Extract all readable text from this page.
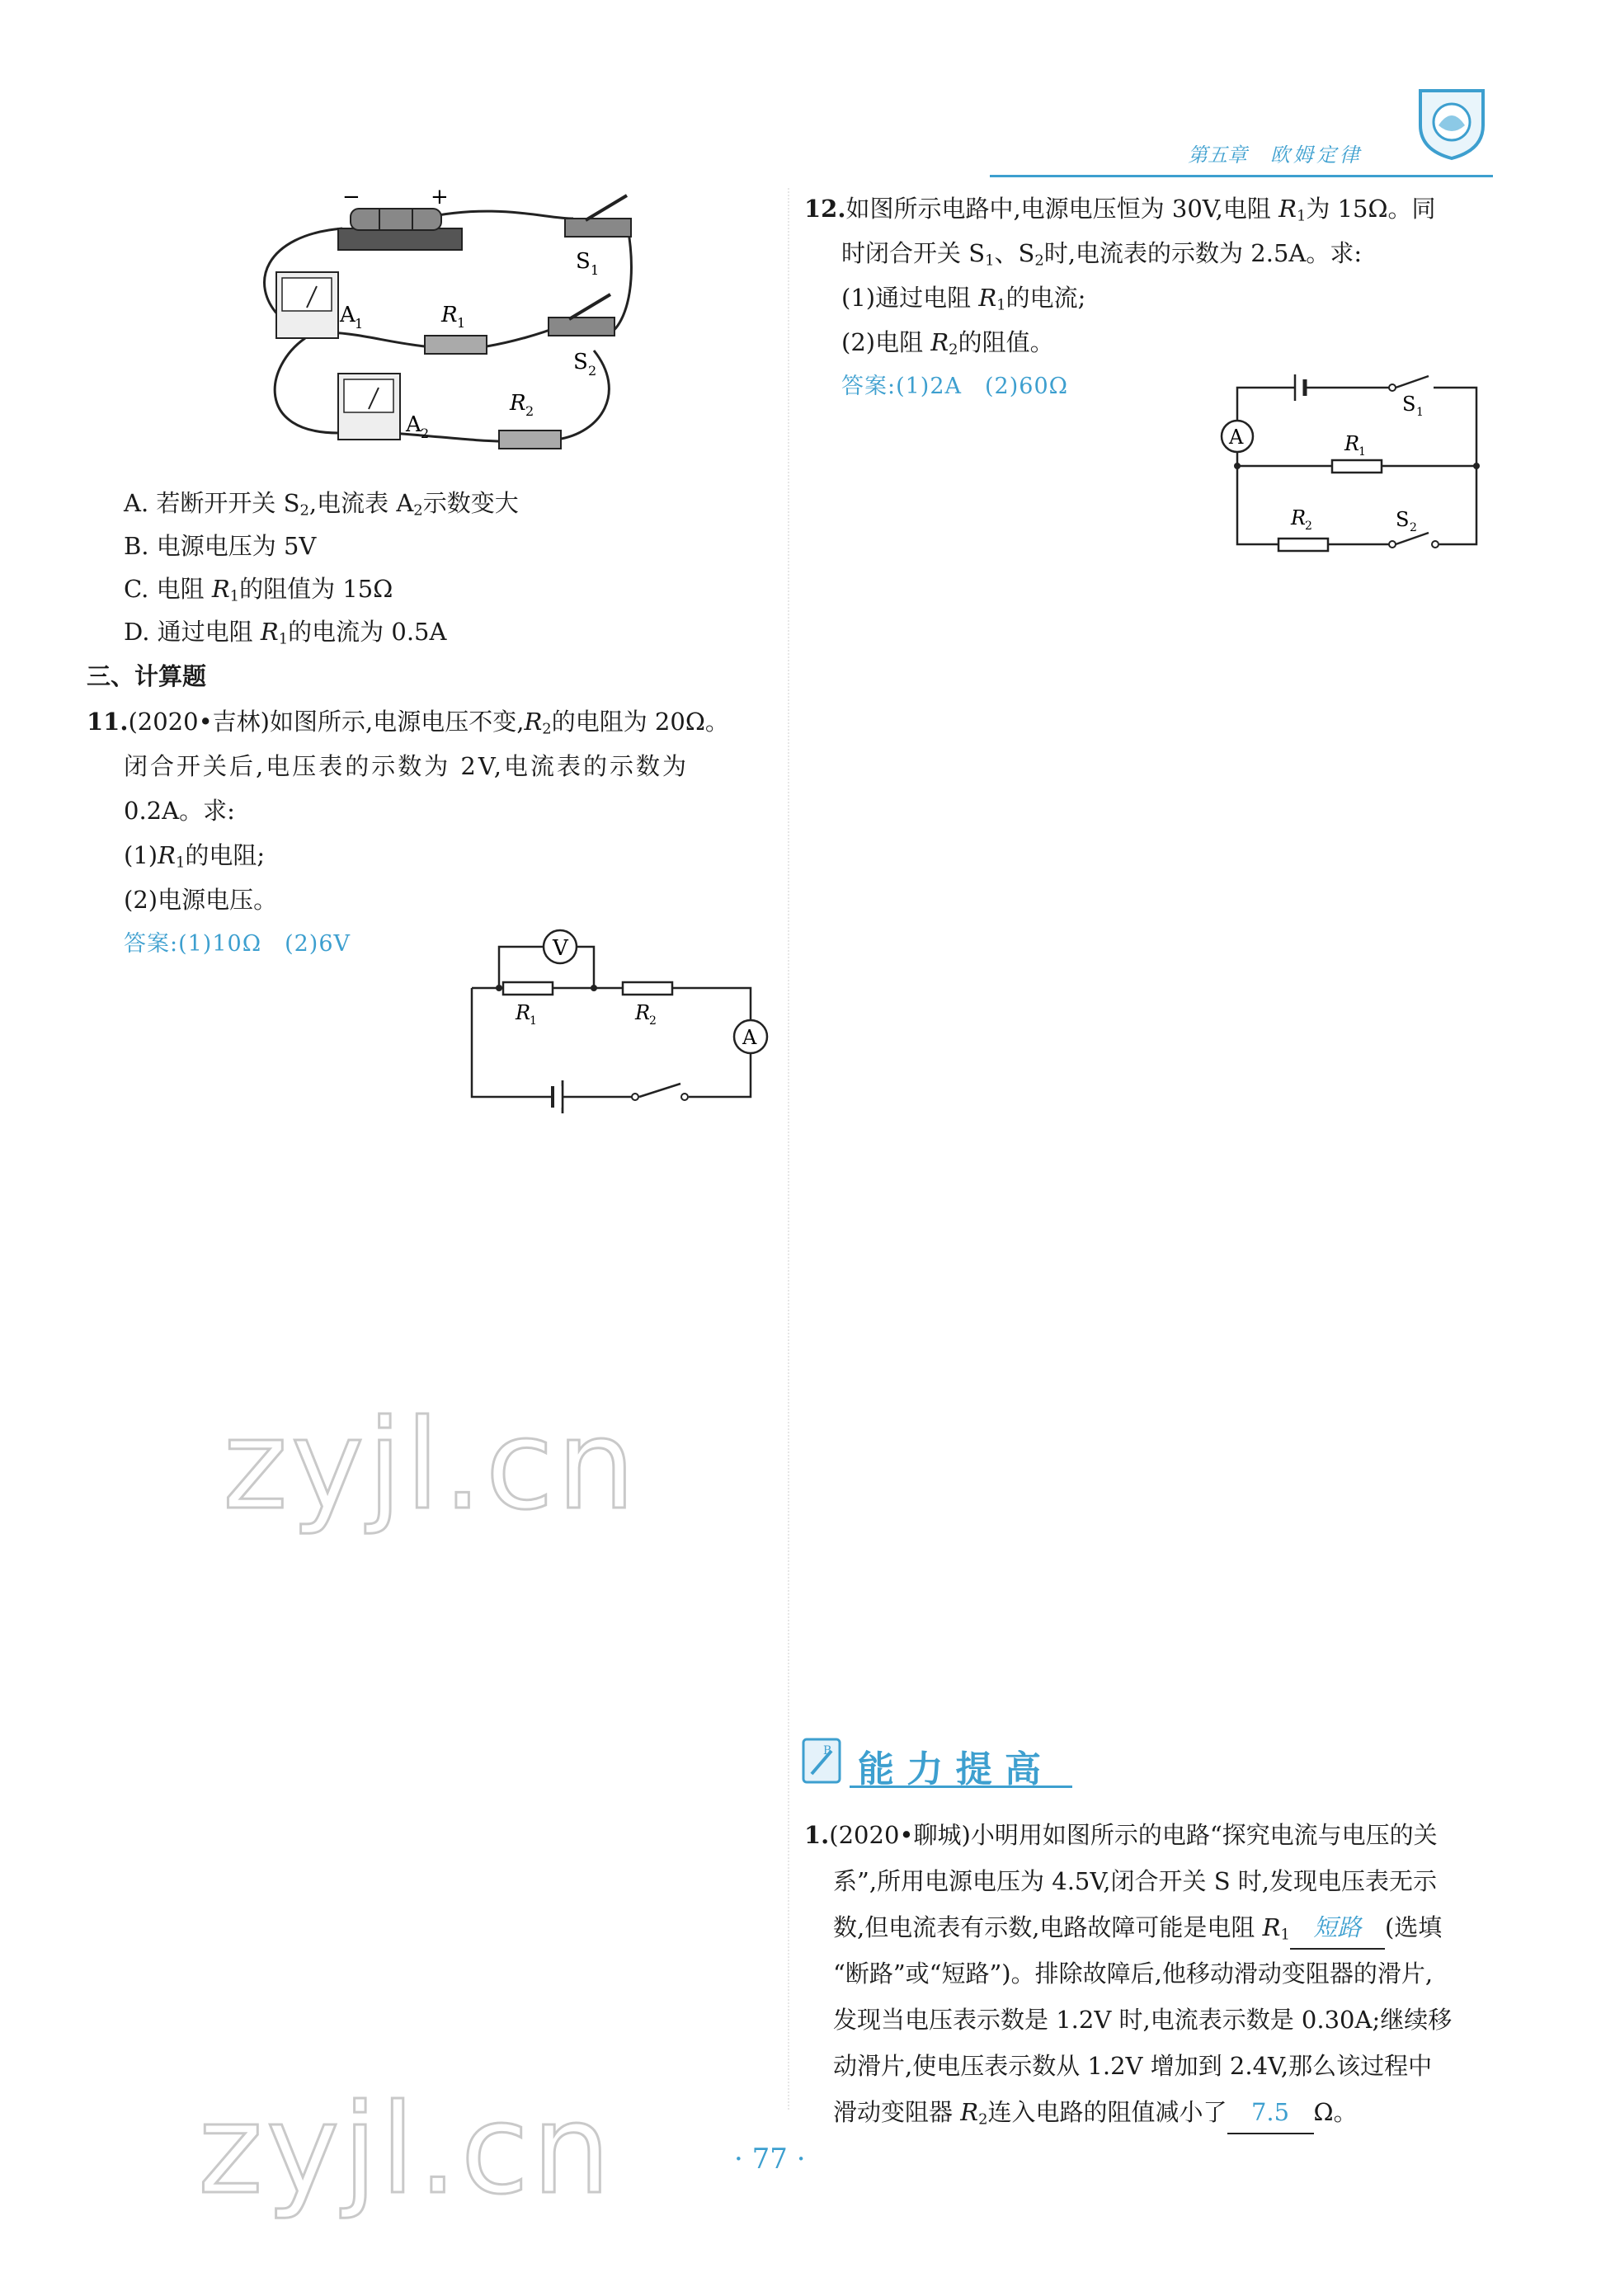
第五章 欧姆定律
−	+
S 1
S 2
A 1	R 1
A 2
R 2
A. 若断开开关 $S_2$,电流表 $A_2$示数变大
B. 电源电压为 5V
C. 电阻 $R_1$的阻值为 15Ω
D. 通过电阻 $R_1$的电流为 0.5A
三、计算题
11.(2020•吉林)如图所示,电源电压不变$,R_2$的电阻为 20Ω。
闭合开关后,电压表的示数为 2V,电流表的示数为
0.2A。求:
$(1)R_1$的电阻;
(2)电源电压。
答案:(1)10Ω　(2)6V	V
A
R
1	R
2
12.如图所示电路中,电源电压恒为 30V,电阻 $R_1$为 15Ω。同
时闭合开关 $S_1$、$S_2$时,电流表的示数为 2.5A。求:
(1)通过电阻 $R_1$的电流;
(2)电阻 $R_2$的阻值。
答案:(1)2A　(2)60Ω
A	R
1
R
2
S 1
S 2
zyjl.cn
zyjl.cn
B 能 力 提 高
1.(2020•聊城)小明用如图所示的电路“探究电流与电压的关
系”,所用电源电压为 4.5V,闭合开关 S 时,发现电压表无示
数,但电流表有示数,电路故障可能是电阻 $R_1$ 短路 (选填
“断路”或“短路”)。排除故障后,他移动滑动变阻器的滑片,
发现当电压表示数是 1.2V 时,电流表示数是 0.30A;继续移
动滑片,使电压表示数从 1.2V 增加到 2.4V,那么该过程中
滑动变阻器 $R_2$连入电路的阻值减小了 7.5 Ω。
· 77 ·
